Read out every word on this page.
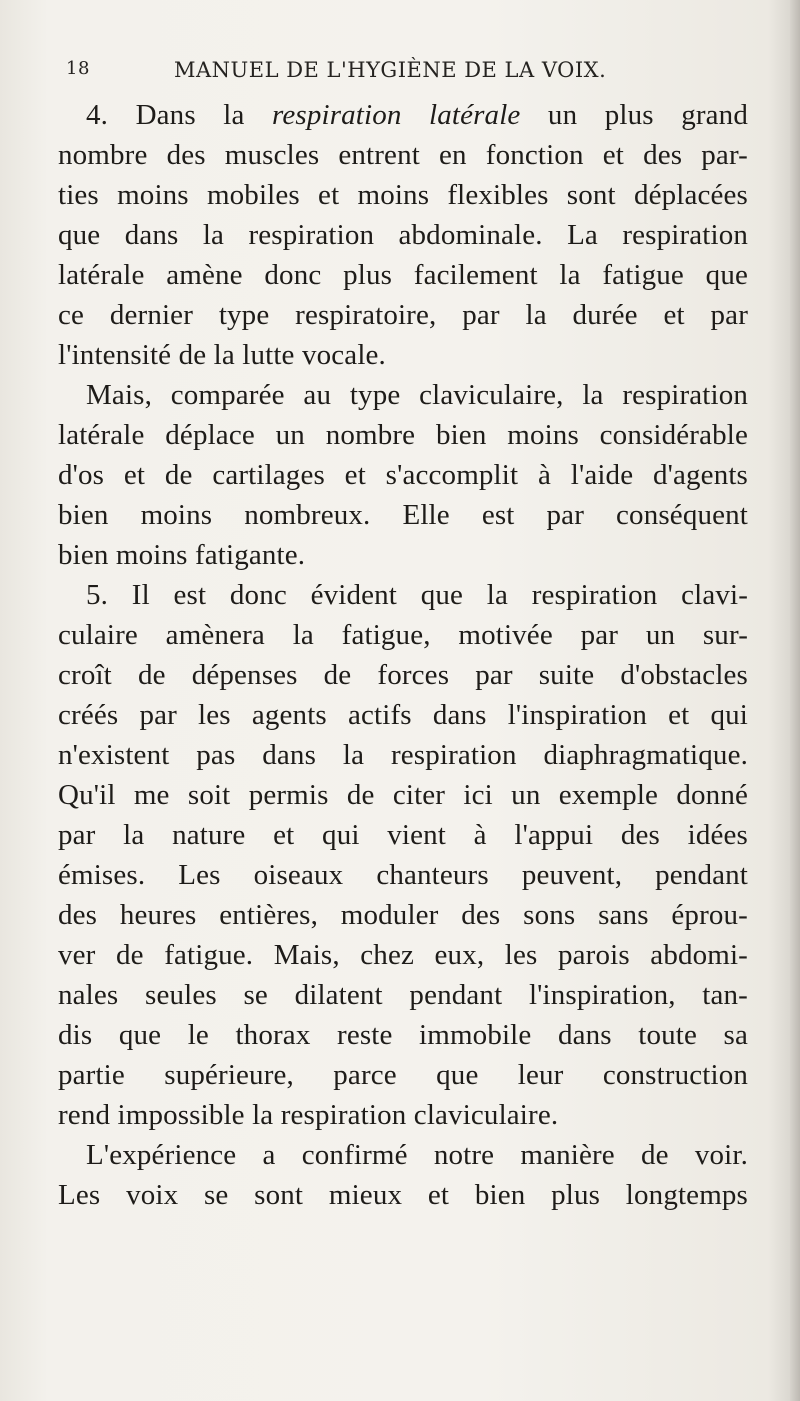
18	MANUEL DE L'HYGIÈNE DE LA VOIX.
4. Dans la respiration latérale un plus grand
nombre des muscles entrent en fonction et des par-
ties moins mobiles et moins flexibles sont déplacées
que dans la respiration abdominale. La respiration
latérale amène donc plus facilement la fatigue que
ce dernier type respiratoire, par la durée et par
l'intensité de la lutte vocale.
Mais, comparée au type claviculaire, la respiration
latérale déplace un nombre bien moins considérable
d'os et de cartilages et s'accomplit à l'aide d'agents
bien moins nombreux. Elle est par conséquent
bien moins fatigante.
5. Il est donc évident que la respiration clavi-
culaire amènera la fatigue, motivée par un sur-
croît de dépenses de forces par suite d'obstacles
créés par les agents actifs dans l'inspiration et qui
n'existent pas dans la respiration diaphragmatique.
Qu'il me soit permis de citer ici un exemple donné
par la nature et qui vient à l'appui des idées
émises. Les oiseaux chanteurs peuvent, pendant
des heures entières, moduler des sons sans éprou-
ver de fatigue. Mais, chez eux, les parois abdomi-
nales seules se dilatent pendant l'inspiration, tan-
dis que le thorax reste immobile dans toute sa
partie supérieure, parce que leur construction
rend impossible la respiration claviculaire.
L'expérience a confirmé notre manière de voir.
Les voix se sont mieux et bien plus longtemps
